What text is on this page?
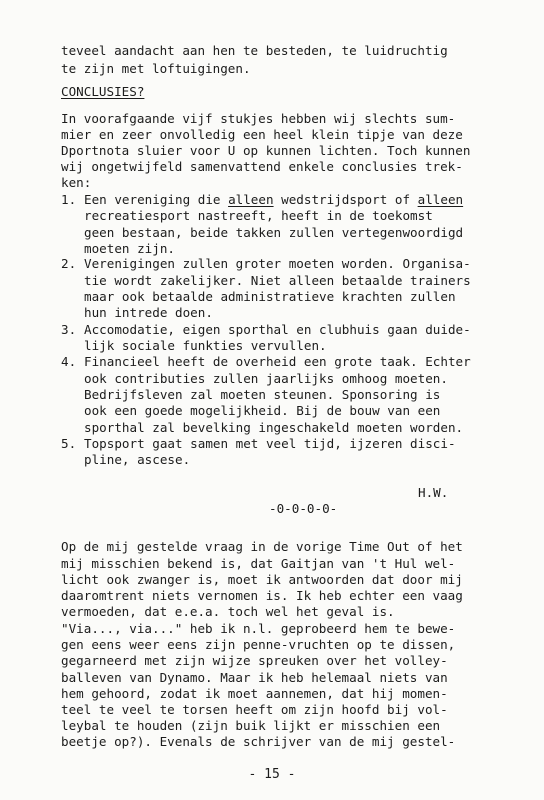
teveel aandacht aan hen te besteden, te luidruchtig
te zijn met loftuigingen.
CONCLUSIES?
In voorafgaande vijf stukjes hebben wij slechts sum-
mier en zeer onvolledig een heel klein tipje van deze
Dportnota sluier voor U op kunnen lichten. Toch kunnen
wij ongetwijfeld samenvattend enkele conclusies trek-
ken:
1. Een vereniging die alleen wedstrijdsport of alleen
recreatiesport nastreeft, heeft in de toekomst
geen bestaan, beide takken zullen vertegenwoordigd
moeten zijn.
2. Verenigingen zullen groter moeten worden. Organisa-
tie wordt zakelijker. Niet alleen betaalde trainers
maar ook betaalde administratieve krachten zullen
hun intrede doen.
3. Accomodatie, eigen sporthal en clubhuis gaan duide-
lijk sociale funkties vervullen.
4. Financieel heeft de overheid een grote taak. Echter
ook contributies zullen jaarlijks omhoog moeten.
Bedrijfsleven zal moeten steunen. Sponsoring is
ook een goede mogelijkheid. Bij de bouw van een
sporthal zal bevelking ingeschakeld moeten worden.
5. Topsport gaat samen met veel tijd, ijzeren disci-
pline, ascese.
H.W.
-0-0-0-0-
Op de mij gestelde vraag in de vorige Time Out of het
mij misschien bekend is, dat Gaitjan van 't Hul wel-
licht ook zwanger is, moet ik antwoorden dat door mij
daaromtrent niets vernomen is. Ik heb echter een vaag
vermoeden, dat e.e.a. toch wel het geval is.
"Via..., via..." heb ik n.l. geprobeerd hem te bewe-
gen eens weer eens zijn penne-vruchten op te dissen,
gegarneerd met zijn wijze spreuken over het volley-
balleven van Dynamo. Maar ik heb helemaal niets van
hem gehoord, zodat ik moet aannemen, dat hij momen-
teel te veel te torsen heeft om zijn hoofd bij vol-
leybal te houden (zijn buik lijkt er misschien een
beetje op?). Evenals de schrijver van de mij gestel-
- 15 -
